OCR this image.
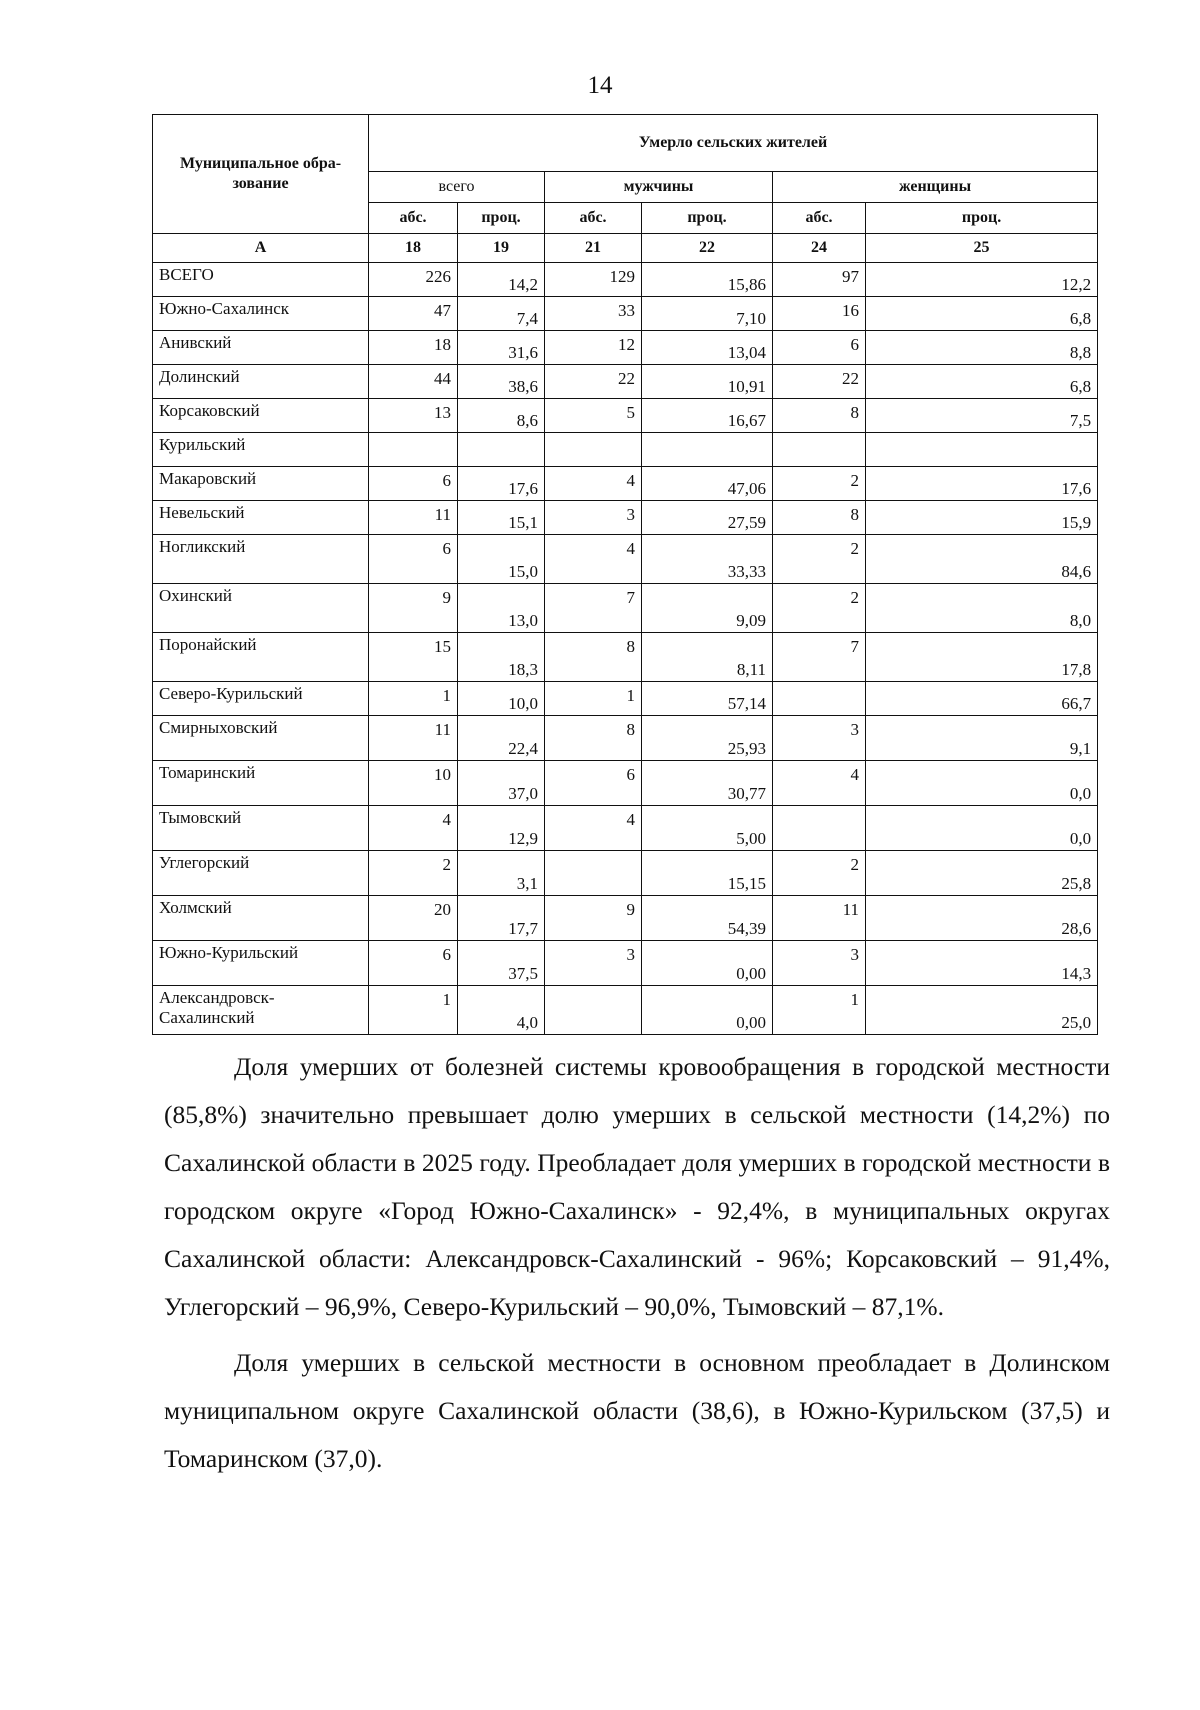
14
Муниципальное обра-
зование	Умерло сельских жителей					
	всего		мужчины		женщины	
	абс.	проц.	абс.	проц.	абс.	проц.
А	18	19	21	22	24	25
ВСЕГО	226	14,2	129	15,86	97	12,2
Южно-Сахалинск	47	7,4	33	7,10	16	6,8
Анивский	18	31,6	12	13,04	6	8,8
Долинский	44	38,6	22	10,91	22	6,8
Корсаковский	13	8,6	5	16,67	8	7,5
Курильский						
Макаровский	6	17,6	4	47,06	2	17,6
Невельский	11	15,1	3	27,59	8	15,9
Ногликский	6	15,0	4	33,33	2	84,6
Охинский	9	13,0	7	9,09	2	8,0
Поронайский	15	18,3	8	8,11	7	17,8
Северо-Курильский	1	10,0	1	57,14		66,7
Смирныховский	11	22,4	8	25,93	3	9,1
Томаринский	10	37,0	6	30,77	4	0,0
Тымовский	4	12,9	4	5,00		0,0
Углегорский	2	3,1		15,15	2	25,8
Холмский	20	17,7	9	54,39	11	28,6
Южно-Курильский	6	37,5	3	0,00	3	14,3
Александровск-
Сахалинский	1	4,0		0,00	1	25,0

Доля умерших от болезней системы кровообращения в городской местности (85,8%) значительно превышает долю умерших в сельской местности (14,2%) по Сахалинской области в 2025 году. Преобладает доля умерших в городской местности в городском округе «Город Южно-Сахалинск» - 92,4%, в муниципальных округах Сахалинской области: Александровск-Сахалинский - 96%; Корсаковский – 91,4%, Углегорский – 96,9%, Северо-Курильский – 90,0%, Тымовский – 87,1%.

Доля умерших в сельской местности в основном преобладает в Долинском муниципальном округе Сахалинской области (38,6), в Южно-Курильском (37,5) и Томаринском (37,0).
